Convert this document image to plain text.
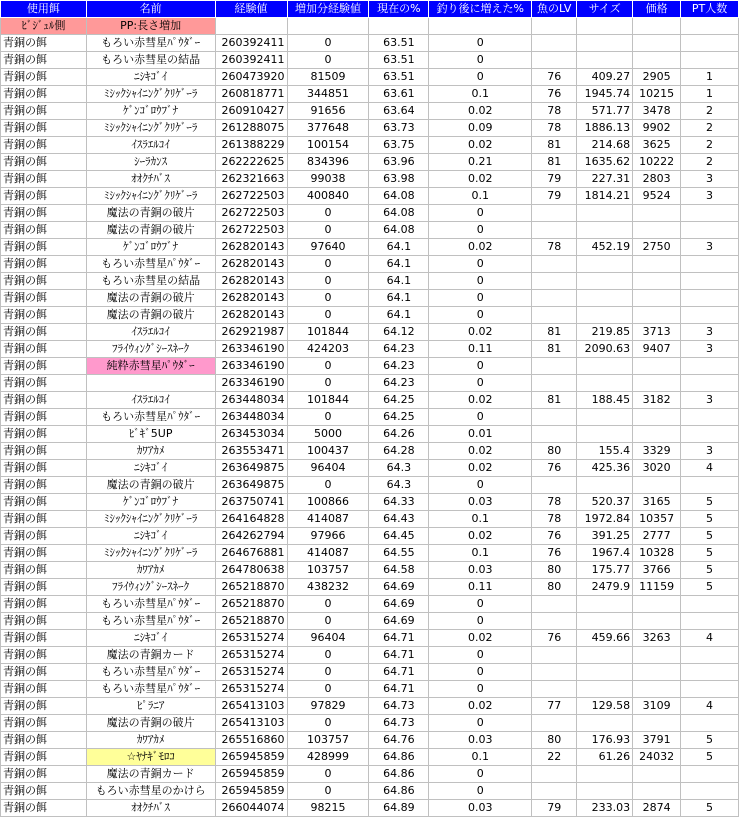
使用餌	名前	経験値	増加分経験値	現在の%	釣り後に増えた%	魚のLV	サイズ	価格	PT人数
ﾋﾞｼﾞｭﾙ側	PP:長さ増加								
青銅の餌	もろい赤彗星ﾊﾟｳﾀﾞｰ	260392411	0	63.51	0				
青銅の餌	もろい赤彗星の結晶	260392411	0	63.51	0				
青銅の餌	ﾆｼｷｺﾞｲ	260473920	81509	63.51	0	76	409.27	2905	1
青銅の餌	ﾐｼｯｸｼｬｲﾆﾝｸﾞｸﾘｹﾞｰﾗ	260818771	344851	63.61	0.1	76	1945.74	10215	1
青銅の餌	ｹﾞﾝｺﾞﾛｳﾌﾞﾅ	260910427	91656	63.64	0.02	78	571.77	3478	2
青銅の餌	ﾐｼｯｸｼｬｲﾆﾝｸﾞｸﾘｹﾞｰﾗ	261288075	377648	63.73	0.09	78	1886.13	9902	2
青銅の餌	ｲｽﾗｴﾙｺｲ	261388229	100154	63.75	0.02	81	214.68	3625	2
青銅の餌	ｼｰﾗｶﾝｽ	262222625	834396	63.96	0.21	81	1635.62	10222	2
青銅の餌	ｵｵｸﾁﾊﾞｽ	262321663	99038	63.98	0.02	79	227.31	2803	3
青銅の餌	ﾐｼｯｸｼｬｲﾆﾝｸﾞｸﾘｹﾞｰﾗ	262722503	400840	64.08	0.1	79	1814.21	9524	3
青銅の餌	魔法の青銅の破片	262722503	0	64.08	0				
青銅の餌	魔法の青銅の破片	262722503	0	64.08	0				
青銅の餌	ｹﾞﾝｺﾞﾛｳﾌﾞﾅ	262820143	97640	64.1	0.02	78	452.19	2750	3
青銅の餌	もろい赤彗星ﾊﾟｳﾀﾞｰ	262820143	0	64.1	0				
青銅の餌	もろい赤彗星の結晶	262820143	0	64.1	0				
青銅の餌	魔法の青銅の破片	262820143	0	64.1	0				
青銅の餌	魔法の青銅の破片	262820143	0	64.1	0				
青銅の餌	ｲｽﾗｴﾙｺｲ	262921987	101844	64.12	0.02	81	219.85	3713	3
青銅の餌	ﾌﾗｲｳｨﾝｸﾞｼｰｽﾈｰｸ	263346190	424203	64.23	0.11	81	2090.63	9407	3
青銅の餌	純粋赤彗星ﾊﾟｳﾀﾞｰ	263346190	0	64.23	0				
青銅の餌		263346190	0	64.23	0				
青銅の餌	ｲｽﾗｴﾙｺｲ	263448034	101844	64.25	0.02	81	188.45	3182	3
青銅の餌	もろい赤彗星ﾊﾟｳﾀﾞｰ	263448034	0	64.25	0				
青銅の餌	ﾋﾞｷﾞ5UP	263453034	5000	64.26	0.01				
青銅の餌	ｶﾜｱｶﾒ	263553471	100437	64.28	0.02	80	155.4	3329	3
青銅の餌	ﾆｼｷｺﾞｲ	263649875	96404	64.3	0.02	76	425.36	3020	4
青銅の餌	魔法の青銅の破片	263649875	0	64.3	0				
青銅の餌	ｹﾞﾝｺﾞﾛｳﾌﾞﾅ	263750741	100866	64.33	0.03	78	520.37	3165	5
青銅の餌	ﾐｼｯｸｼｬｲﾆﾝｸﾞｸﾘｹﾞｰﾗ	264164828	414087	64.43	0.1	78	1972.84	10357	5
青銅の餌	ﾆｼｷｺﾞｲ	264262794	97966	64.45	0.02	76	391.25	2777	5
青銅の餌	ﾐｼｯｸｼｬｲﾆﾝｸﾞｸﾘｹﾞｰﾗ	264676881	414087	64.55	0.1	76	1967.4	10328	5
青銅の餌	ｶﾜｱｶﾒ	264780638	103757	64.58	0.03	80	175.77	3766	5
青銅の餌	ﾌﾗｲｳｨﾝｸﾞｼｰｽﾈｰｸ	265218870	438232	64.69	0.11	80	2479.9	11159	5
青銅の餌	もろい赤彗星ﾊﾟｳﾀﾞｰ	265218870	0	64.69	0				
青銅の餌	もろい赤彗星ﾊﾟｳﾀﾞｰ	265218870	0	64.69	0				
青銅の餌	ﾆｼｷｺﾞｲ	265315274	96404	64.71	0.02	76	459.66	3263	4
青銅の餌	魔法の青銅カード	265315274	0	64.71	0				
青銅の餌	もろい赤彗星ﾊﾟｳﾀﾞｰ	265315274	0	64.71	0				
青銅の餌	もろい赤彗星ﾊﾟｳﾀﾞｰ	265315274	0	64.71	0				
青銅の餌	ﾋﾟﾗﾆｱ	265413103	97829	64.73	0.02	77	129.58	3109	4
青銅の餌	魔法の青銅の破片	265413103	0	64.73	0				
青銅の餌	ｶﾜｱｶﾒ	265516860	103757	64.76	0.03	80	176.93	3791	5
青銅の餌	☆ﾔﾅｷﾞﾓﾛｺ	265945859	428999	64.86	0.1	22	61.26	24032	5
青銅の餌	魔法の青銅カード	265945859	0	64.86	0				
青銅の餌	もろい赤彗星のかけら	265945859	0	64.86	0				
青銅の餌	ｵｵｸﾁﾊﾞｽ	266044074	98215	64.89	0.03	79	233.03	2874	5
